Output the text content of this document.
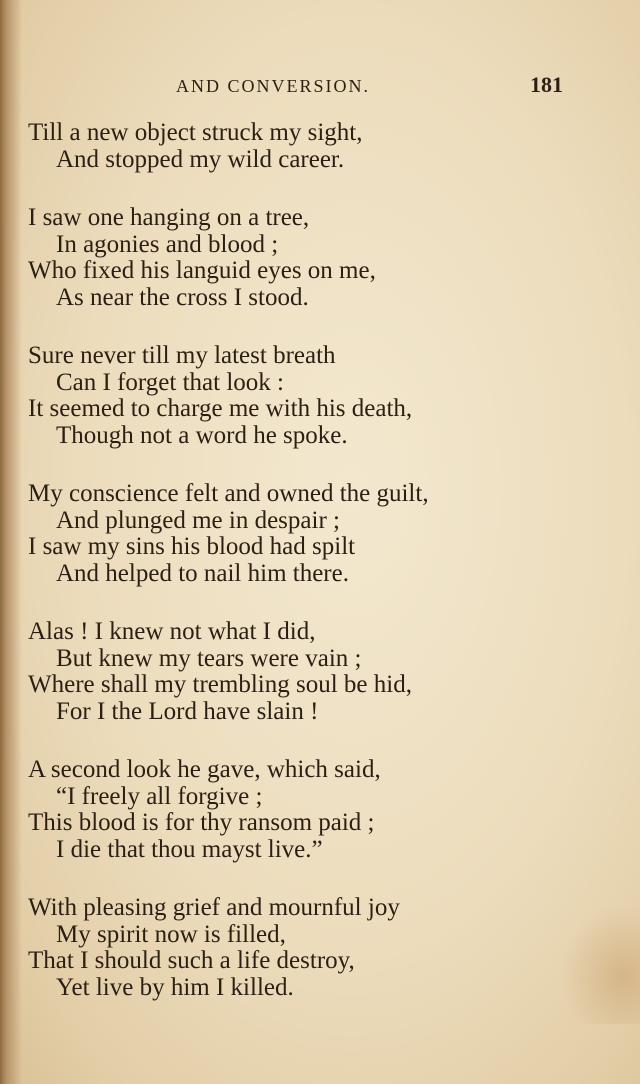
AND CONVERSION.	181
Till a new object struck my sight,
And stopped my wild career.
I saw one hanging on a tree,
In agonies and blood ;
Who fixed his languid eyes on me,
As near the cross I stood.
Sure never till my latest breath
Can I forget that look :
It seemed to charge me with his death,
Though not a word he spoke.
My conscience felt and owned the guilt,
And plunged me in despair ;
I saw my sins his blood had spilt
And helped to nail him there.
Alas ! I knew not what I did,
But knew my tears were vain ;
Where shall my trembling soul be hid,
For I the Lord have slain !
A second look he gave, which said,
“I freely all forgive ;
This blood is for thy ransom paid ;
I die that thou mayst live.”
With pleasing grief and mournful joy
My spirit now is filled,
That I should such a life destroy,
Yet live by him I killed.
